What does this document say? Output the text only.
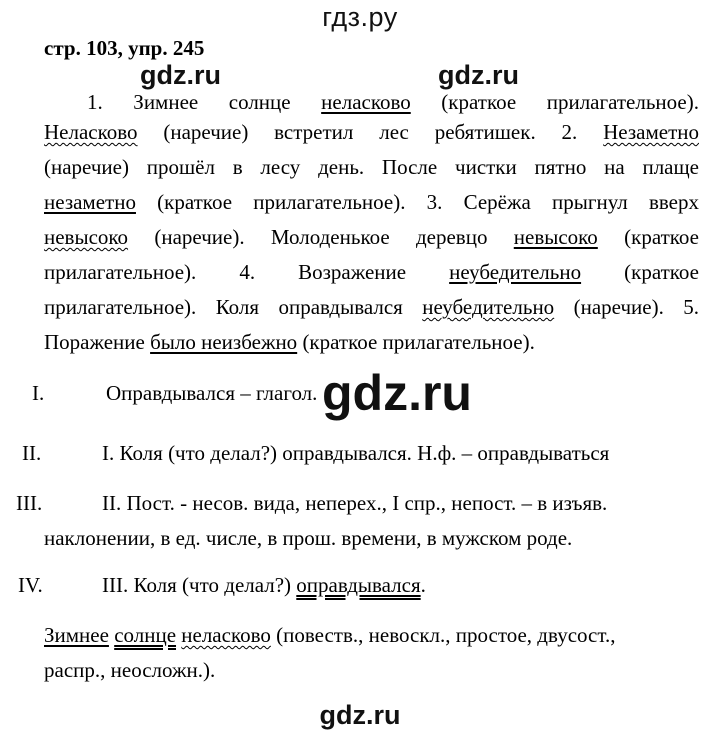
гдз.ру
gdz.ru	gdz.ru
стр. 103, упр. 245
1. Зимнее солнце неласково (краткое прилагательное).
Неласково (наречие) встретил лес ребятишек. 2. Незаметно
(наречие) прошёл в лесу день. После чистки пятно на плаще
незаметно (краткое прилагательное). 3. Серёжа прыгнул вверх
невысоко (наречие). Молоденькое деревцо невысоко (краткое
прилагательное). 4. Возражение неубедительно (краткое
прилагательное). Коля оправдывался неубедительно (наречие). 5.
Поражение было неизбежно (краткое прилагательное).
I.	Оправдывался – глагол.
II.	I. Коля (что делал?) оправдывался. Н.ф. – оправдываться
III.	II. Пост. - несов. вида, неперех., I спр., непост. – в изъяв.
наклонении, в ед. числе, в прош. времени, в мужском роде.
IV.	III. Коля (что делал?) оправдывался.
gdz.ru
Зимнее солнце неласково (повеств., невоскл., простое, двусост.,
распр., неосложн.).
gdz.ru
